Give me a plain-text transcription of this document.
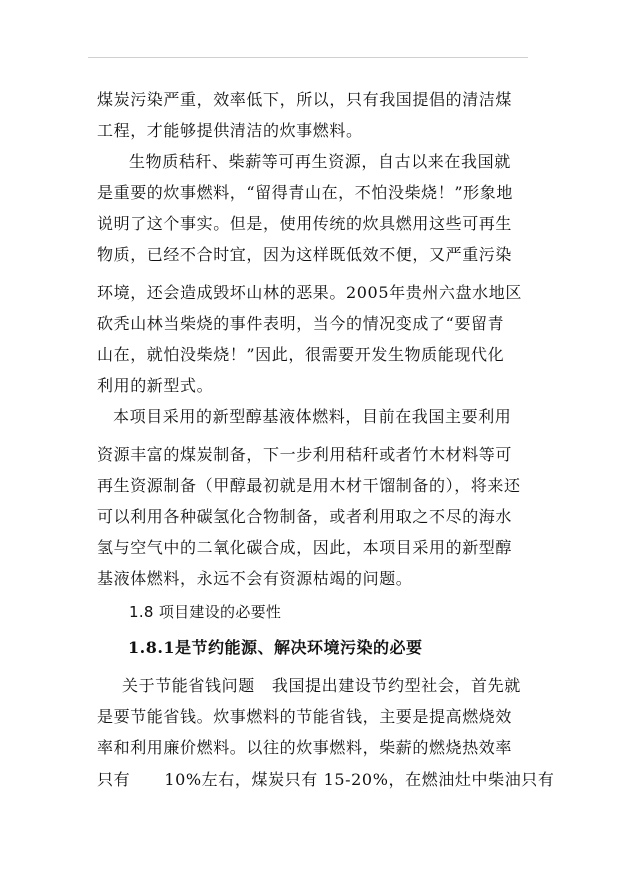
煤炭污染严重，效率低下，所以，只有我国提倡的清洁煤
工程，才能够提供清洁的炊事燃料。
生物质秸秆、柴薪等可再生资源，自古以来在我国就
是重要的炊事燃料，“留得青山在，不怕没柴烧！”形象地
说明了这个事实。但是，使用传统的炊具燃用这些可再生
物质，已经不合时宜，因为这样既低效不便，又严重污染
环境，还会造成毁坏山林的恶果。2005年贵州六盘水地区
砍秃山林当柴烧的事件表明，当今的情况变成了“要留青
山在，就怕没柴烧！”因此，很需要开发生物质能现代化
利用的新型式。
本项目采用的新型醇基液体燃料，目前在我国主要利用
资源丰富的煤炭制备，下一步利用秸秆或者竹木材料等可
再生资源制备（甲醇最初就是用木材干馏制备的），将来还
可以利用各种碳氢化合物制备，或者利用取之不尽的海水
氢与空气中的二氧化碳合成，因此，本项目采用的新型醇
基液体燃料，永远不会有资源枯竭的问题。
1.8 项目建设的必要性
1.8.1是节约能源、解决环境污染的必要
关于节能省钱问题   我国提出建设节约型社会，首先就
是要节能省钱。炊事燃料的节能省钱，主要是提高燃烧效
率和利用廉价燃料。以往的炊事燃料，柴薪的燃烧热效率
只有      10%左右，煤炭只有 15-20%，在燃油灶中柴油只有
